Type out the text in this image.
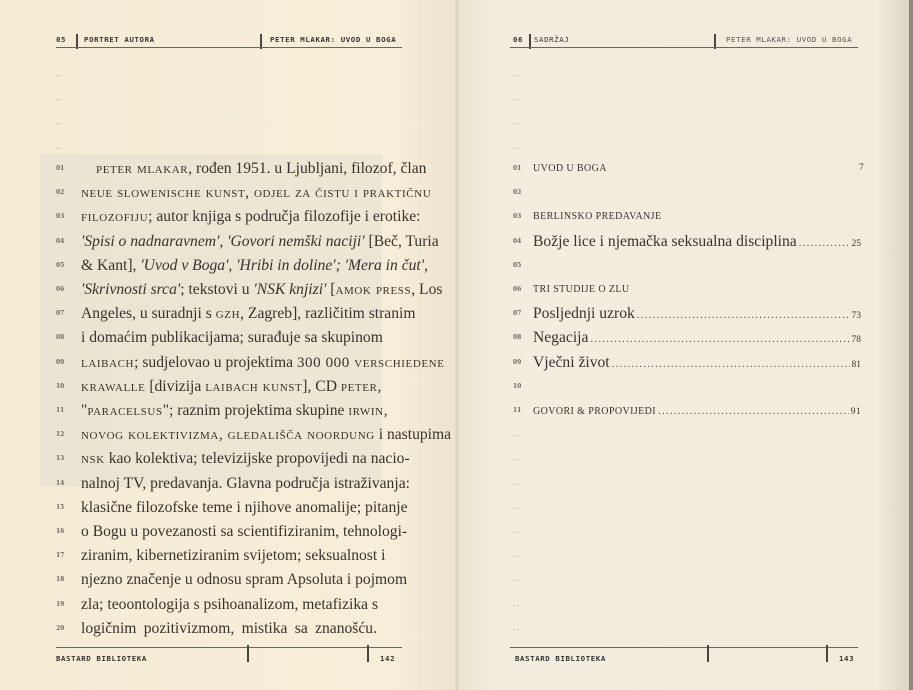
05 PORTRET AUTORA	PETER MLAKAR: UVOD U BOGA
..
..
..
..
01 peter mlakar, rođen 1951. u Ljubljani, filozof, član
02 neue slowenische kunst, odjel za čistu i praktičnu
03 filozofiju; autor knjiga s područja filozofije i erotike:
04 'Spisi o nadnaravnem', 'Govori nemški naciji' [Beč, Turia
05 & Kant], 'Uvod v Boga', 'Hribi in doline'; 'Mera in čut',
06 'Skrivnosti srca'; tekstovi u 'NSK knjizi' [amok press, Los
07 Angeles, u suradnji s gzh, Zagreb], različitim stranim
08 i domaćim publikacijama; surađuje sa skupinom
09 laibach; sudjelovao u projektima 300 000 verschiedene
10 krawalle [divizija laibach kunst], CD peter,
11 "paracelsus"; raznim projektima skupine irwin,
12 novog kolektivizma, gledališča noordung i nastupima
13 nsk kao kolektiva; televizijske propovijedi na nacio-
14 nalnoj TV, predavanja. Glavna područja istraživanja:
15 klasične filozofske teme i njihove anomalije; pitanje
16 o Bogu u povezanosti sa scientifiziranim, tehnologi-
17 ziranim, kibernetiziranim svijetom; seksualnost i
18 njezno značenje u odnosu spram Apsoluta i pojmom
19 zla; teoontologija s psihoanalizom, metafizika s
20 logičnim pozitivizmom, mistika sa znanošću.
BASTARD BIBLIOTEKA	142
06 SADRŽAJ	PETER MLAKAR: UVOD U BOGA
BASTARD BIBLIOTEKA	143
..
..
..
..
..
..
..
..
..
..
..
..
..
01 UVOD U BOGA	7
02
03 BERLINSKO PREDAVANJE
04 Božje lice i njemačka seksualna disciplina .....	25
05
06 TRI STUDIJE O ZLU
07 Posljednji uzrok .....	73
08 Negacija .....	78
09 Vječni život .....	81
10
11 GOVORI & PROPOVIJEDI .....	91
